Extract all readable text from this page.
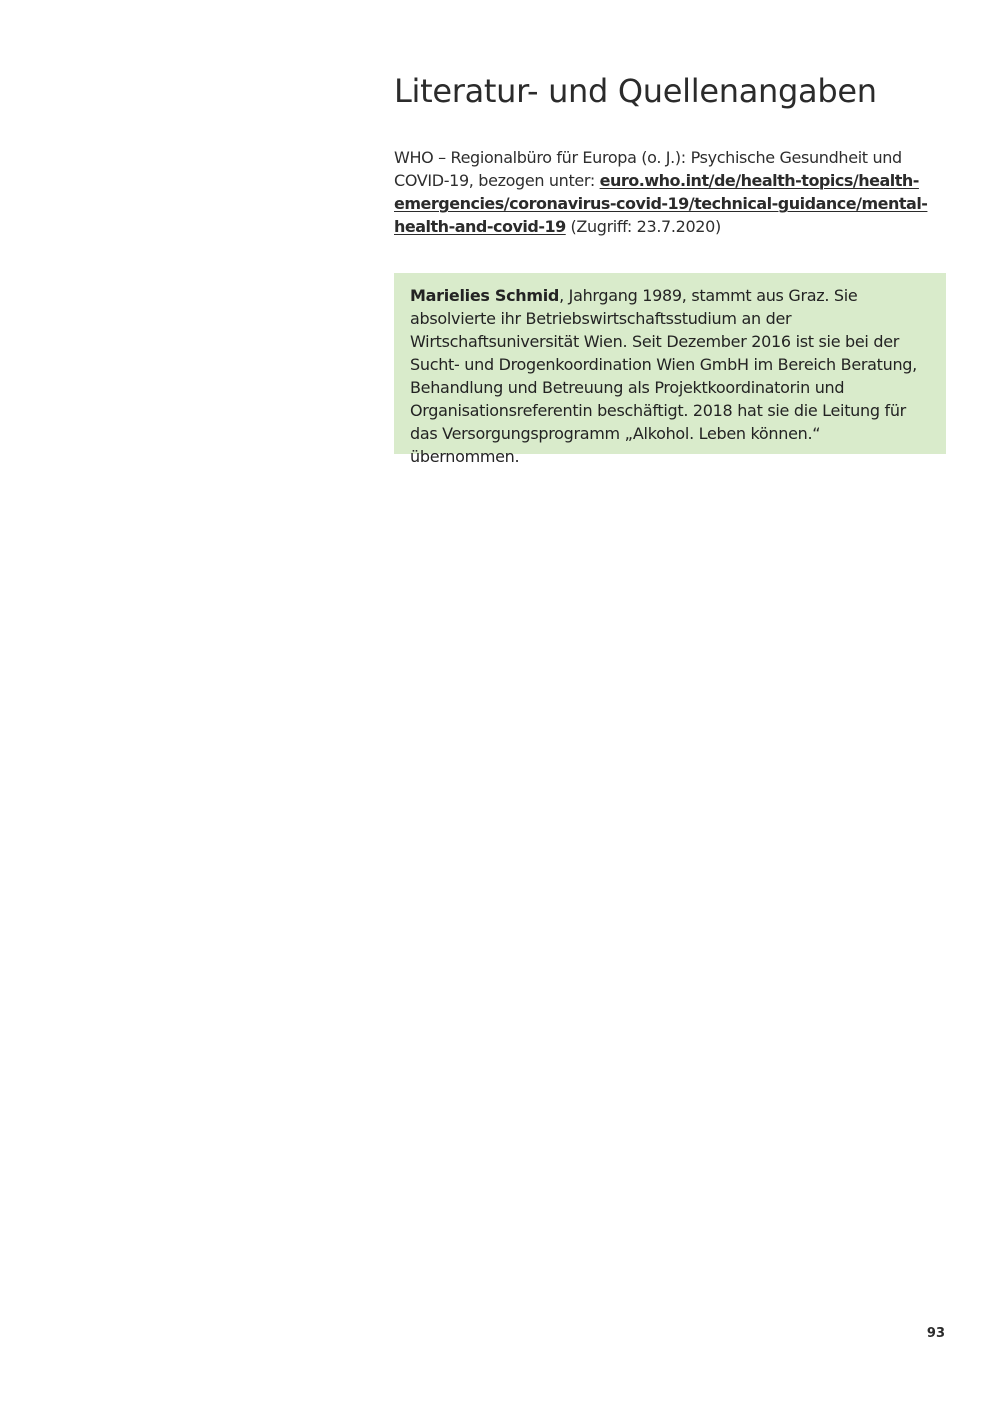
Literatur- und Quellenangaben

WHO – Regionalbüro für Europa (o. J.): Psychische Gesundheit und COVID-19, bezogen unter: euro.who.int/de/health-topics/health-emergencies/coronavirus-covid-19/technical-guidance/mental-health-and-covid-19 (Zugriff: 23.7.2020)

Marielies Schmid, Jahrgang 1989, stammt aus Graz. Sie absolvierte ihr Betriebswirtschaftsstudium an der Wirtschaftsuniversität Wien. Seit Dezember 2016 ist sie bei der Sucht- und Drogenkoordination Wien GmbH im Bereich Beratung, Behandlung und Betreuung als Projektkoordinatorin und Organisationsreferentin beschäftigt. 2018 hat sie die Leitung für das Versorgungsprogramm „Alkohol. Leben können.“ übernommen.

93
